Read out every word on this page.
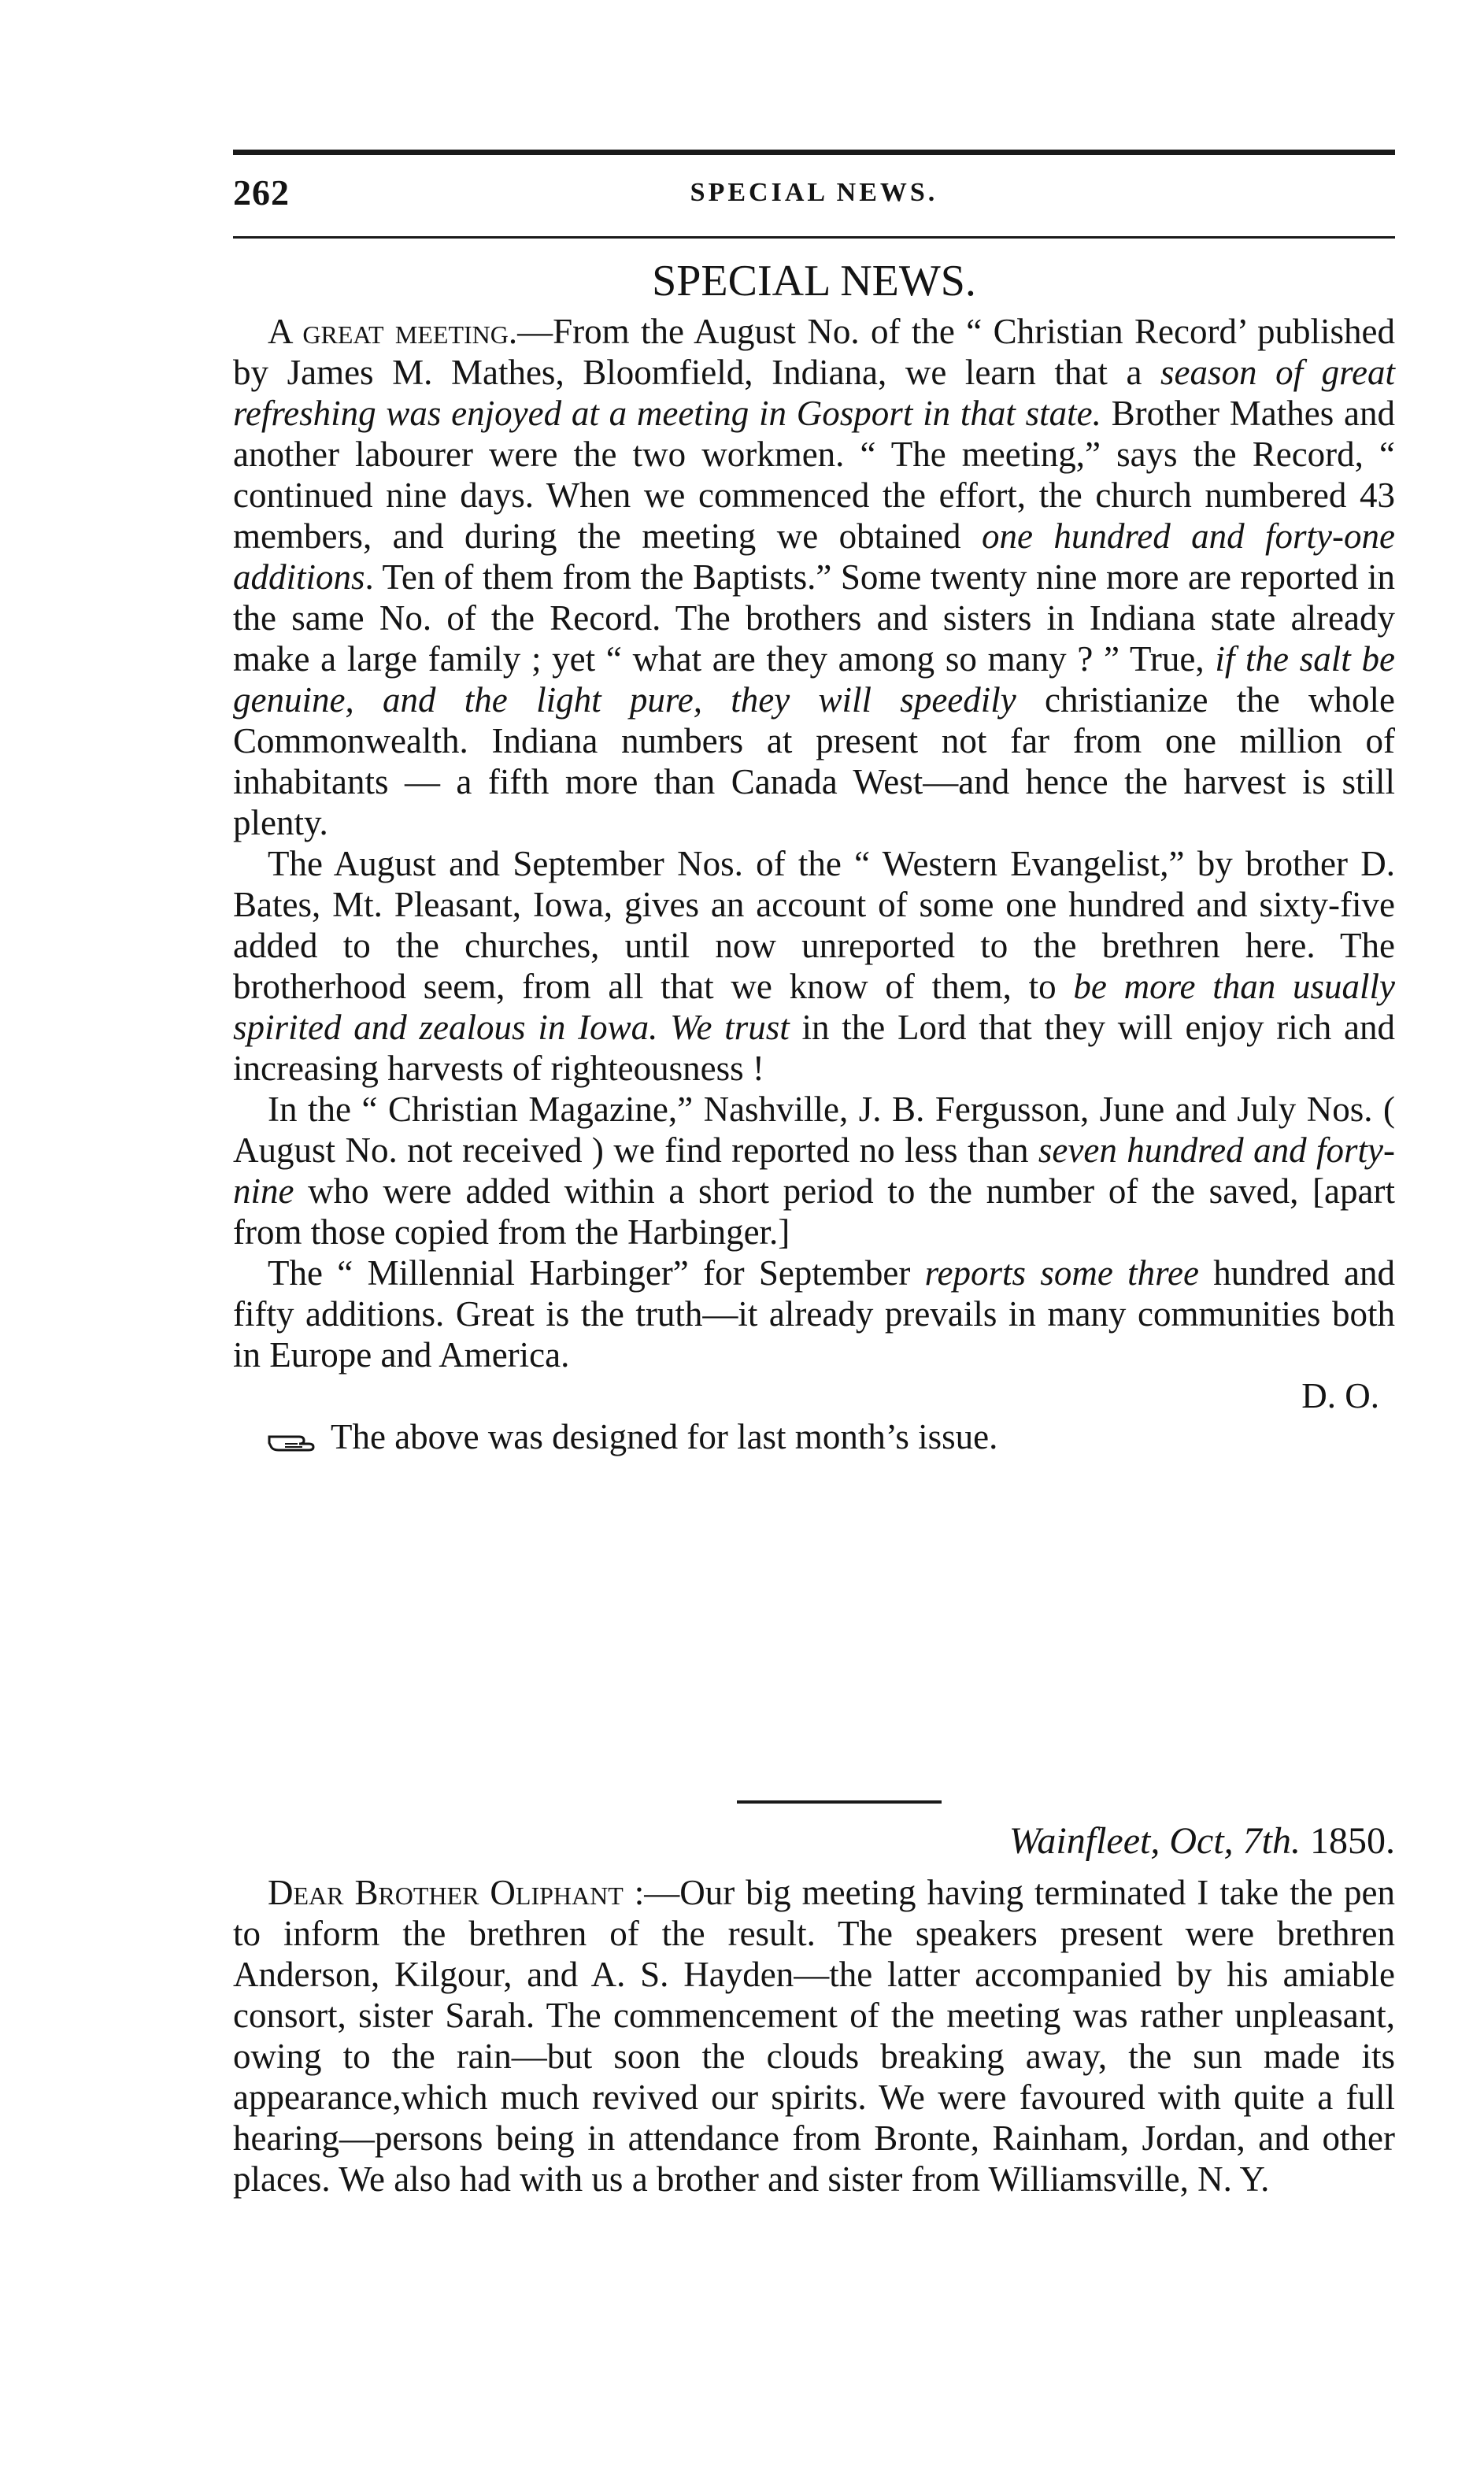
262	SPECIAL NEWS.
SPECIAL NEWS.

A great meeting.—From the August No. of the “ Christian Record’ published by James M. Mathes, Bloomfield, Indiana, we learn that a season of great refreshing was enjoyed at a meeting in Gosport in that state. Brother Mathes and another labourer were the two workmen. “ The meeting,” says the Record, “ continued nine days. When we commenced the effort, the church numbered 43 members, and during the meeting we obtained one hundred and forty-one additions. Ten of them from the Baptists.” Some twenty nine more are reported in the same No. of the Record. The brothers and sisters in Indiana state already make a large family ; yet “ what are they among so many ? ” True, if the salt be genuine, and the light pure, they will speedily christianize the whole Commonwealth. Indiana numbers at present not far from one million of inhabitants — a fifth more than Canada West—and hence the harvest is still plenty.

The August and September Nos. of the “ Western Evangelist,” by brother D. Bates, Mt. Pleasant, Iowa, gives an account of some one hundred and sixty-five added to the churches, until now unreported to the brethren here. The brotherhood seem, from all that we know of them, to be more than usually spirited and zealous in Iowa. We trust in the Lord that they will enjoy rich and increasing harvests of righteousness !

In the “ Christian Magazine,” Nashville, J. B. Fergusson, June and July Nos. ( August No. not received ) we find reported no less than seven hundred and forty-nine who were added within a short period to the number of the saved, [apart from those copied from the Harbinger.]

The “ Millennial Harbinger” for September reports some three hundred and fifty additions. Great is the truth—it already prevails in many communities both in Europe and America.
D. O.

The above was designed for last month’s issue.
Wainfleet, Oct, 7th. 1850.

Dear Brother Oliphant :—Our big meeting having terminated I take the pen to inform the brethren of the result. The speakers present were brethren Anderson, Kilgour, and A. S. Hayden—the latter accompanied by his amiable consort, sister Sarah. The commencement of the meeting was rather unpleasant, owing to the rain—but soon the clouds breaking away, the sun made its appearance,which much revived our spirits. We were favoured with quite a full hearing—persons being in attendance from Bronte, Rainham, Jordan, and other places. We also had with us a brother and sister from Williamsville, N. Y.
